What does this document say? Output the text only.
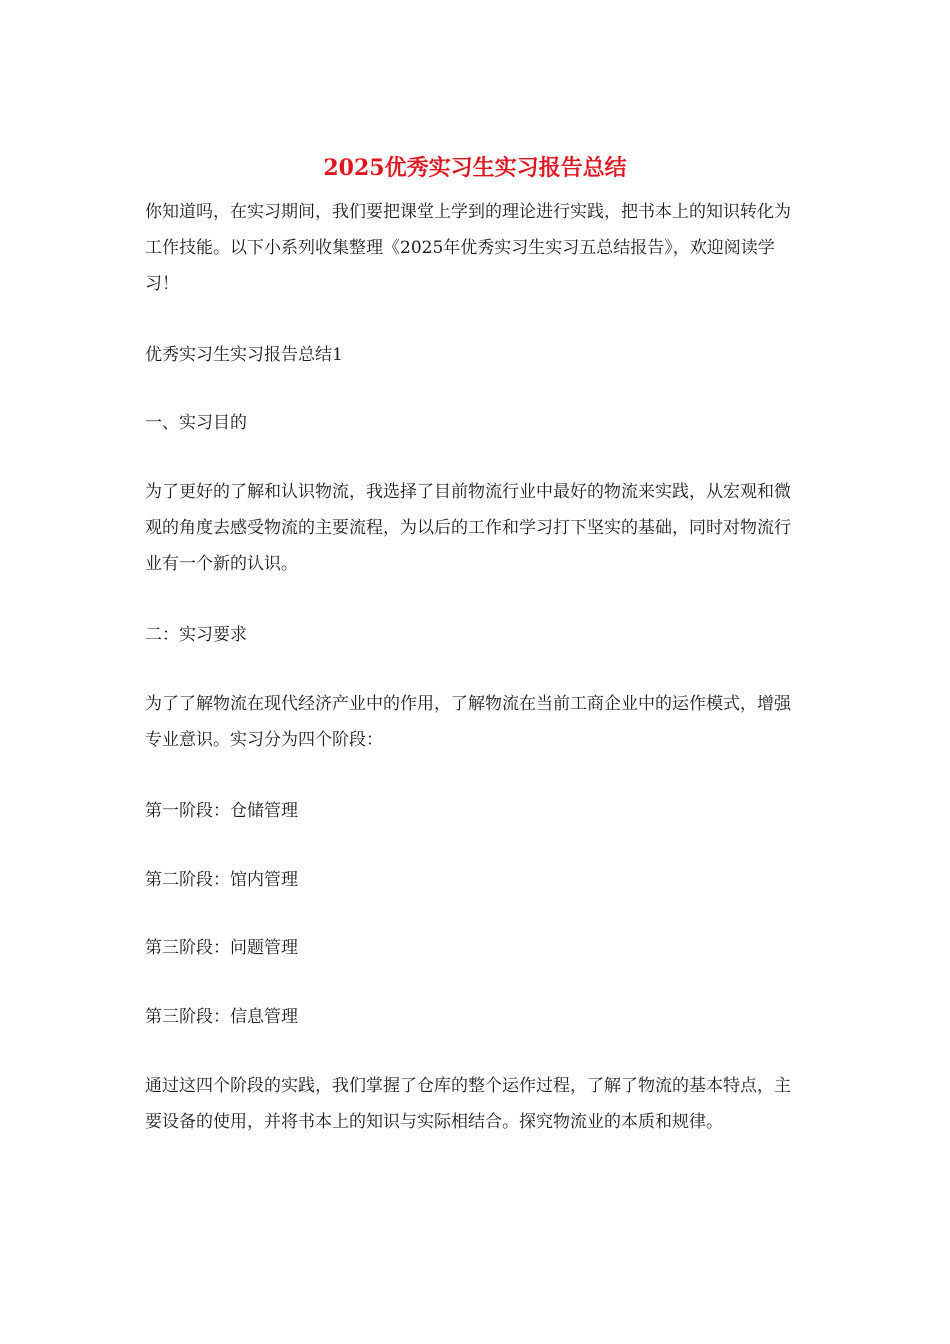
2025优秀实习生实习报告总结

你知道吗，在实习期间，我们要把课堂上学到的理论进行实践，把书本上的知识转化为工作技能。以下小系列收集整理《2025年优秀实习生实习五总结报告》，欢迎阅读学习！

优秀实习生实习报告总结1

一、实习目的

为了更好的了解和认识物流，我选择了目前物流行业中最好的物流来实践，从宏观和微观的角度去感受物流的主要流程，为以后的工作和学习打下坚实的基础，同时对物流行业有一个新的认识。

二：实习要求

为了了解物流在现代经济产业中的作用，了解物流在当前工商企业中的运作模式，增强专业意识。实习分为四个阶段：

第一阶段：仓储管理

第二阶段：馆内管理

第三阶段：问题管理

第三阶段：信息管理

通过这四个阶段的实践，我们掌握了仓库的整个运作过程，了解了物流的基本特点，主要设备的使用，并将书本上的知识与实际相结合。探究物流业的本质和规律。
